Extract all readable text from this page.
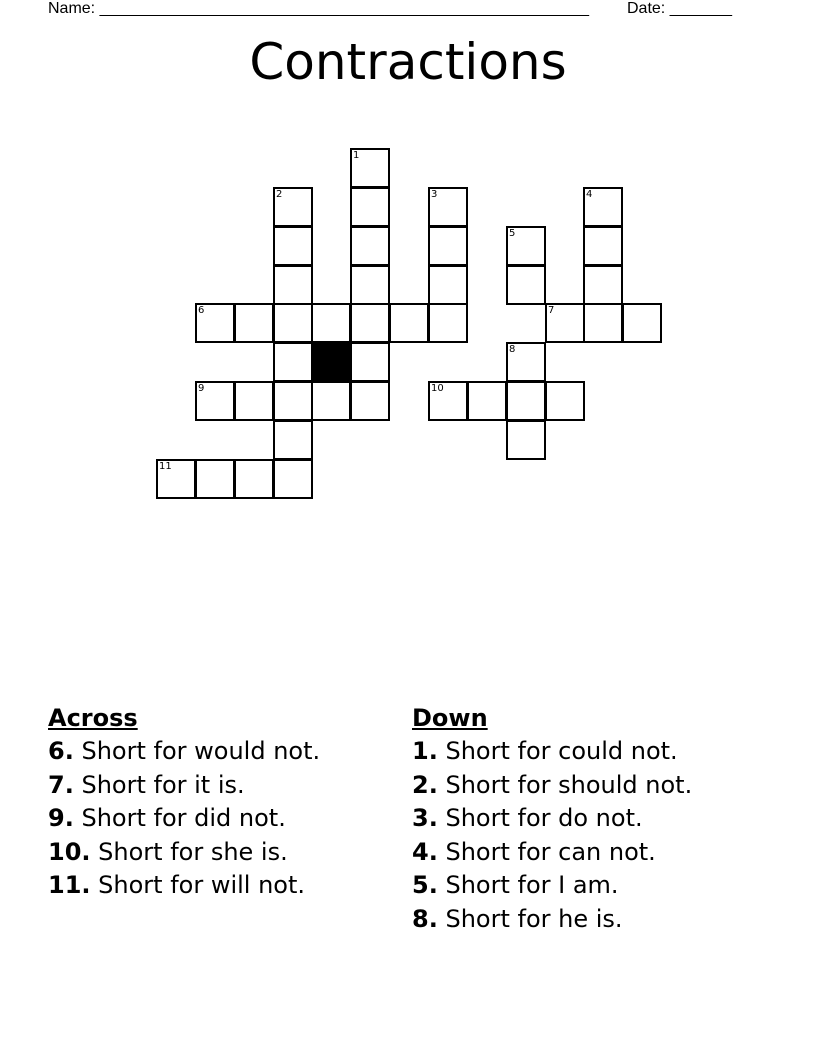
Name: _______________________________________________________ Date: _______
Contractions
1
2	3	4
5
6	7
8
9	10
11
Across
6. Short for would not.
7. Short for it is.
9. Short for did not.
10. Short for she is.
11. Short for will not.
Down
1. Short for could not.
2. Short for should not.
3. Short for do not.
4. Short for can not.
5. Short for I am.
8. Short for he is.
